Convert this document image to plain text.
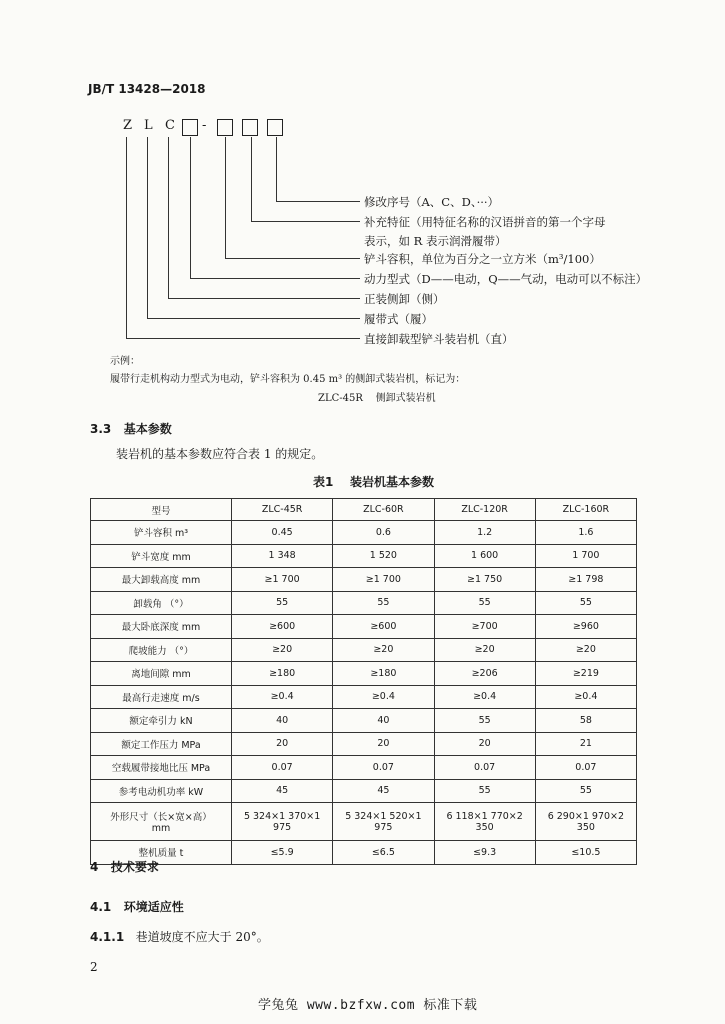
JB/T 13428—2018
Z L C -
修改序号（A、C、D、···）
补充特征（用特征名称的汉语拼音的第一个字母
表示，如 R 表示润滑履带）
铲斗容积，单位为百分之一立方米（m³/100）
动力型式（D——电动，Q——气动，电动可以不标注）
正装侧卸（侧）
履带式（履）
直接卸载型铲斗装岩机（直）
示例：
履带行走机构动力型式为电动，铲斗容积为 0.45 m³ 的侧卸式装岩机，标记为：
ZLC-45R    侧卸式装岩机
3.3   基本参数
装岩机的基本参数应符合表 1 的规定。
表1    装岩机基本参数
型号	ZLC-45R	ZLC-60R	ZLC-120R	ZLC-160R
铲斗容积 m³	0.45	0.6	1.2	1.6
铲斗宽度 mm	1 348	1 520	1 600	1 700
最大卸载高度 mm	≥1 700	≥1 700	≥1 750	≥1 798
卸载角 （°）	55	55	55	55
最大卧底深度 mm	≥600	≥600	≥700	≥960
爬坡能力 （°）	≥20	≥20	≥20	≥20
离地间隙 mm	≥180	≥180	≥206	≥219
最高行走速度 m/s	≥0.4	≥0.4	≥0.4	≥0.4
额定牵引力 kN	40	40	55	58
额定工作压力 MPa	20	20	20	21
空载履带接地比压 MPa	0.07	0.07	0.07	0.07
参考电动机功率 kW	45	45	55	55
外形尺寸（长×宽×高）
mm	5 324×1 370×1 975	5 324×1 520×1 975	6 118×1 770×2 350	6 290×1 970×2 350
整机质量 t	≤5.9	≤6.5	≤9.3	≤10.5
4   技术要求
4.1   环境适应性
4.1.1 巷道坡度不应大于 20°。
2
学兔兔 www.bzfxw.com 标准下载
